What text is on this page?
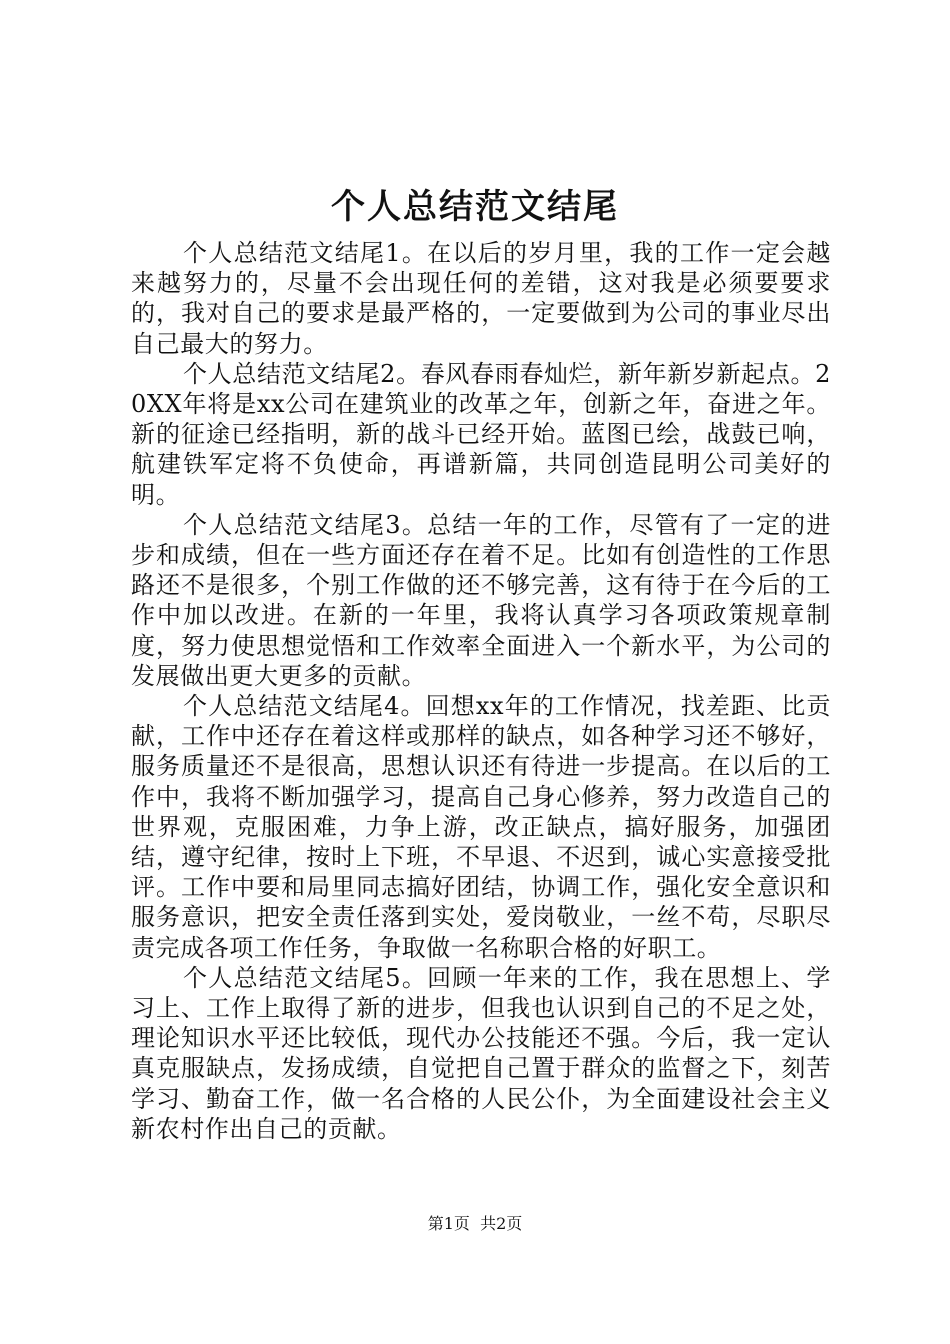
个人总结范文结尾

个人总结范文结尾1。在以后的岁月里，我的工作一定会越来越努力的，尽量不会出现任何的差错，这对我是必须要要求的，我对自己的要求是最严格的，一定要做到为公司的事业尽出自己最大的努力。

个人总结范文结尾2。春风春雨春灿烂，新年新岁新起点。20XX年将是xx公司在建筑业的改革之年，创新之年，奋进之年。新的征途已经指明，新的战斗已经开始。蓝图已绘，战鼓已响，航建铁军定将不负使命，再谱新篇，共同创造昆明公司美好的明。

个人总结范文结尾3。总结一年的工作，尽管有了一定的进步和成绩，但在一些方面还存在着不足。比如有创造性的工作思路还不是很多，个别工作做的还不够完善，这有待于在今后的工作中加以改进。在新的一年里，我将认真学习各项政策规章制度，努力使思想觉悟和工作效率全面进入一个新水平，为公司的发展做出更大更多的贡献。

个人总结范文结尾4。回想xx年的工作情况，找差距、比贡献，工作中还存在着这样或那样的缺点，如各种学习还不够好，服务质量还不是很高，思想认识还有待进一步提高。在以后的工作中，我将不断加强学习，提高自己身心修养，努力改造自己的世界观，克服困难，力争上游，改正缺点，搞好服务，加强团结，遵守纪律，按时上下班，不早退、不迟到，诚心实意接受批评。工作中要和局里同志搞好团结，协调工作，强化安全意识和服务意识，把安全责任落到实处，爱岗敬业，一丝不苟，尽职尽责完成各项工作任务，争取做一名称职合格的好职工。

个人总结范文结尾5。回顾一年来的工作，我在思想上、学习上、工作上取得了新的进步，但我也认识到自己的不足之处，理论知识水平还比较低，现代办公技能还不强。今后，我一定认真克服缺点，发扬成绩，自觉把自己置于群众的监督之下，刻苦学习、勤奋工作，做一名合格的人民公仆，为全面建设社会主义新农村作出自己的贡献。

第1页  共2页
